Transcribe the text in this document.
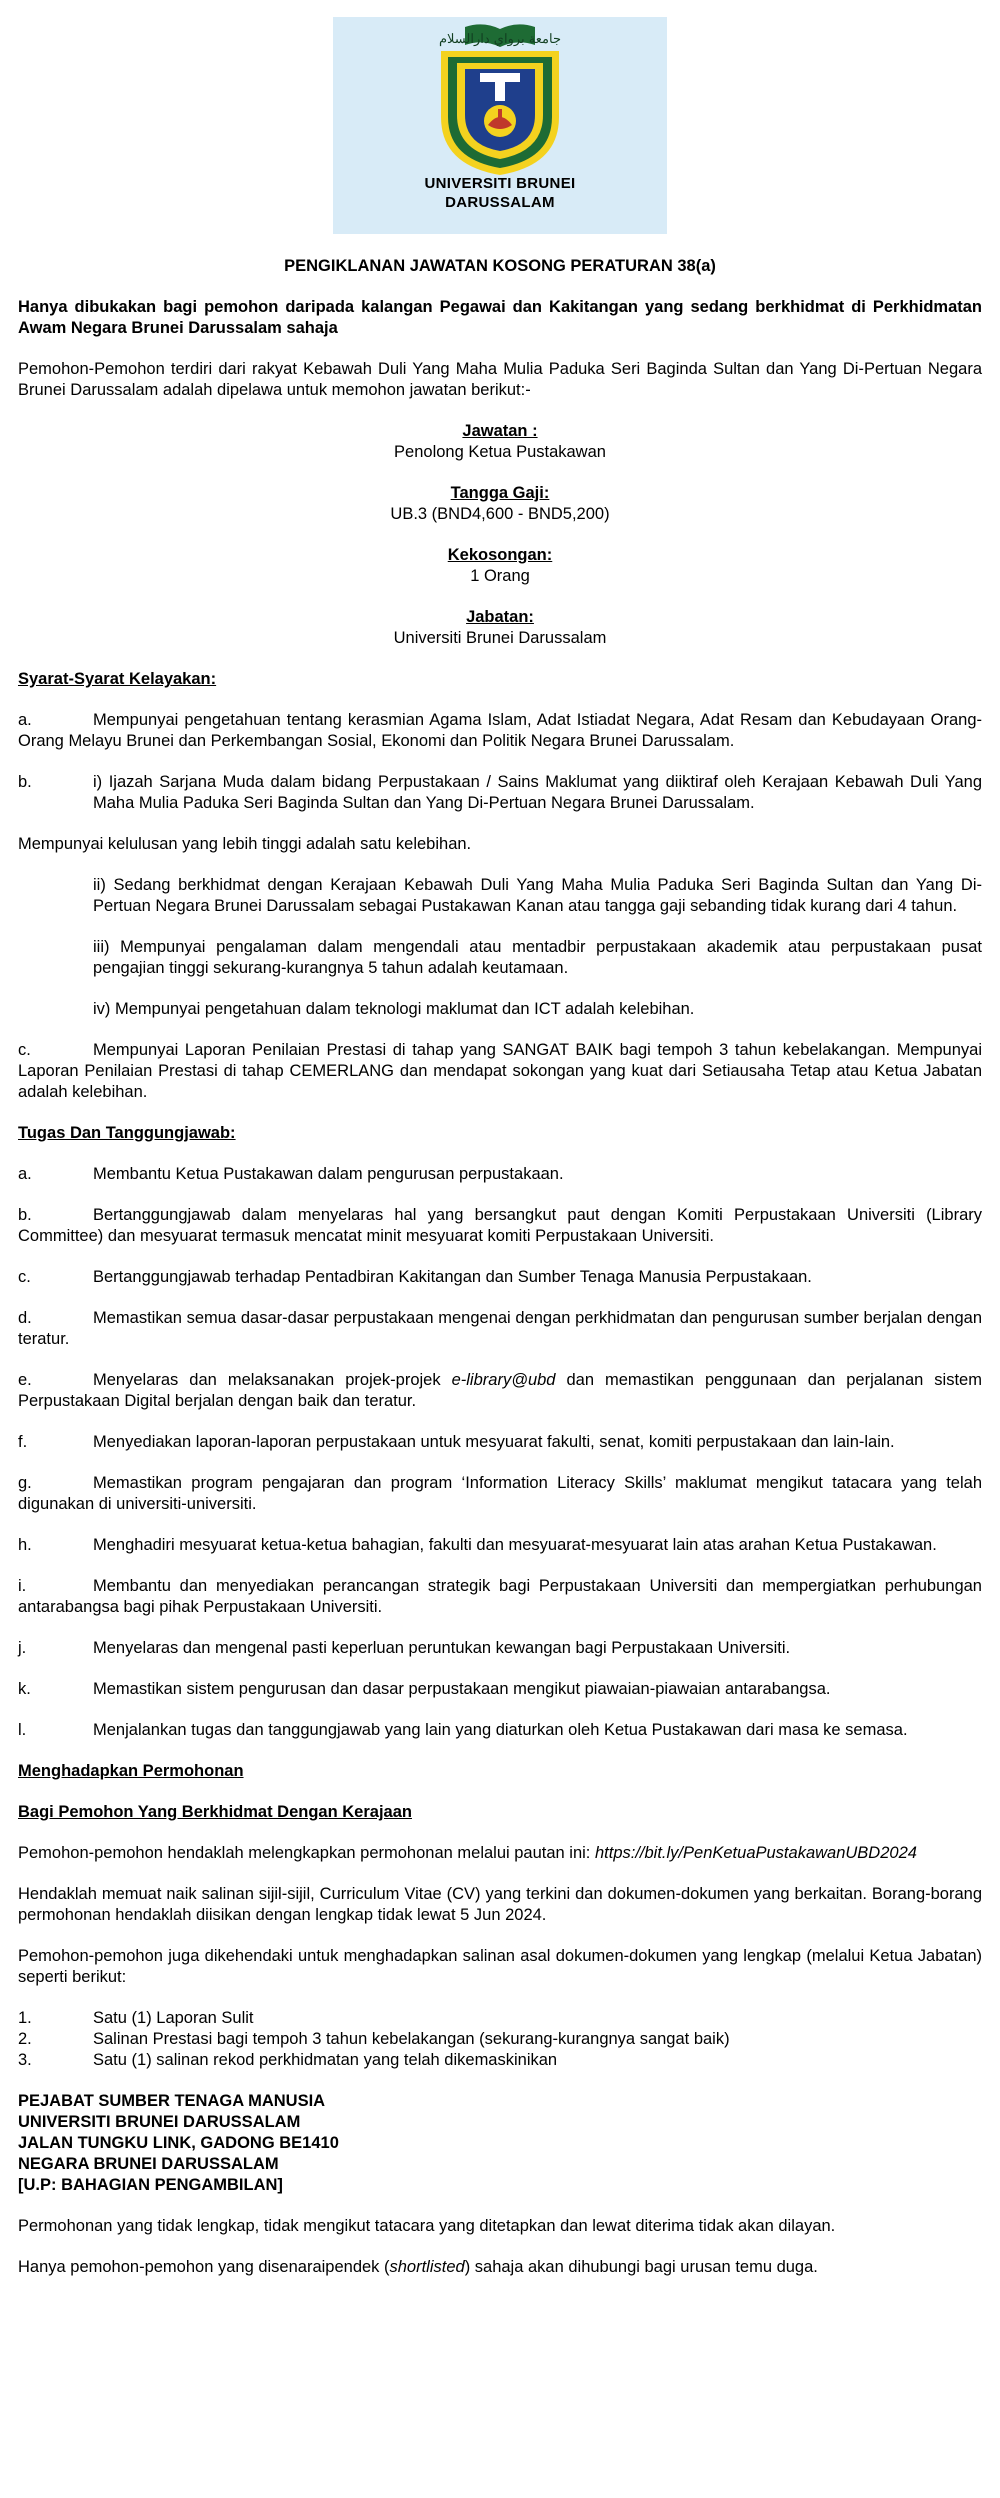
جامعة برواي دارالسلام
UNIVERSITI BRUNEI
DARUSSALAM

PENGIKLANAN JAWATAN KOSONG PERATURAN 38(a)

Hanya dibukakan bagi pemohon daripada kalangan Pegawai dan Kakitangan yang sedang berkhidmat di Perkhidmatan Awam Negara Brunei Darussalam sahaja

Pemohon-Pemohon terdiri dari rakyat Kebawah Duli Yang Maha Mulia Paduka Seri Baginda Sultan dan Yang Di-Pertuan Negara Brunei Darussalam adalah dipelawa untuk memohon jawatan berikut:-

Jawatan :
Penolong Ketua Pustakawan
Tangga Gaji:
UB.3 (BND4,600 - BND5,200)
Kekosongan:
1 Orang
Jabatan:
Universiti Brunei Darussalam

Syarat-Syarat Kelayakan:

a.	Mempunyai pengetahuan tentang kerasmian Agama Islam, Adat Istiadat Negara, Adat Resam dan Kebudayaan Orang-Orang Melayu Brunei dan Perkembangan Sosial, Ekonomi dan Politik Negara Brunei Darussalam.

b.	i) Ijazah Sarjana Muda dalam bidang Perpustakaan / Sains Maklumat yang diiktiraf oleh Kerajaan Kebawah Duli Yang Maha Mulia Paduka Seri Baginda Sultan dan Yang Di-Pertuan Negara Brunei Darussalam.

Mempunyai kelulusan yang lebih tinggi adalah satu kelebihan.

ii) Sedang berkhidmat dengan Kerajaan Kebawah Duli Yang Maha Mulia Paduka Seri Baginda Sultan dan Yang Di-Pertuan Negara Brunei Darussalam sebagai Pustakawan Kanan atau tangga gaji sebanding tidak kurang dari 4 tahun.

iii) Mempunyai pengalaman dalam mengendali atau mentadbir perpustakaan akademik atau perpustakaan pusat pengajian tinggi sekurang-kurangnya 5 tahun adalah keutamaan.

iv) Mempunyai pengetahuan dalam teknologi maklumat dan ICT adalah kelebihan.

c.	Mempunyai Laporan Penilaian Prestasi di tahap yang SANGAT BAIK bagi tempoh 3 tahun kebelakangan. Mempunyai Laporan Penilaian Prestasi di tahap CEMERLANG dan mendapat sokongan yang kuat dari Setiausaha Tetap atau Ketua Jabatan adalah kelebihan.

Tugas Dan Tanggungjawab:

a.	Membantu Ketua Pustakawan dalam pengurusan perpustakaan.

b.	Bertanggungjawab dalam menyelaras hal yang bersangkut paut dengan Komiti Perpustakaan Universiti (Library Committee) dan mesyuarat termasuk mencatat minit mesyuarat komiti Perpustakaan Universiti.

c.	Bertanggungjawab terhadap Pentadbiran Kakitangan dan Sumber Tenaga Manusia Perpustakaan.

d.	Memastikan semua dasar-dasar perpustakaan mengenai dengan perkhidmatan dan pengurusan sumber berjalan dengan teratur.

e.	Menyelaras dan melaksanakan projek-projek e-library@ubd dan memastikan penggunaan dan perjalanan sistem Perpustakaan Digital berjalan dengan baik dan teratur.

f.	Menyediakan laporan-laporan perpustakaan untuk mesyuarat fakulti, senat, komiti perpustakaan dan lain-lain.

g.	Memastikan program pengajaran dan program ‘Information Literacy Skills’ maklumat mengikut tatacara yang telah digunakan di universiti-universiti.

h.	Menghadiri mesyuarat ketua-ketua bahagian, fakulti dan mesyuarat-mesyuarat lain atas arahan Ketua Pustakawan.

i.	Membantu dan menyediakan perancangan strategik bagi Perpustakaan Universiti dan mempergiatkan perhubungan antarabangsa bagi pihak Perpustakaan Universiti.

j.	Menyelaras dan mengenal pasti keperluan peruntukan kewangan bagi Perpustakaan Universiti.

k.	Memastikan sistem pengurusan dan dasar perpustakaan mengikut piawaian-piawaian antarabangsa.

l.	Menjalankan tugas dan tanggungjawab yang lain yang diaturkan oleh Ketua Pustakawan dari masa ke semasa.

Menghadapkan Permohonan

Bagi Pemohon Yang Berkhidmat Dengan Kerajaan

Pemohon-pemohon hendaklah melengkapkan permohonan melalui pautan ini: https://bit.ly/PenKetuaPustakawanUBD2024

Hendaklah memuat naik salinan sijil-sijil, Curriculum Vitae (CV) yang terkini dan dokumen-dokumen yang berkaitan. Borang-borang permohonan hendaklah diisikan dengan lengkap tidak lewat 5 Jun 2024.

Pemohon-pemohon juga dikehendaki untuk menghadapkan salinan asal dokumen-dokumen yang lengkap (melalui Ketua Jabatan) seperti berikut:

1.	Satu (1) Laporan Sulit
2.	Salinan Prestasi bagi tempoh 3 tahun kebelakangan (sekurang-kurangnya sangat baik)
3.	Satu (1) salinan rekod perkhidmatan yang telah dikemaskinikan
PEJABAT SUMBER TENAGA MANUSIA
UNIVERSITI BRUNEI DARUSSALAM
JALAN TUNGKU LINK, GADONG BE1410
NEGARA BRUNEI DARUSSALAM
[U.P: BAHAGIAN PENGAMBILAN]

Permohonan yang tidak lengkap, tidak mengikut tatacara yang ditetapkan dan lewat diterima tidak akan dilayan.

Hanya pemohon-pemohon yang disenaraipendek (shortlisted) sahaja akan dihubungi bagi urusan temu duga.
